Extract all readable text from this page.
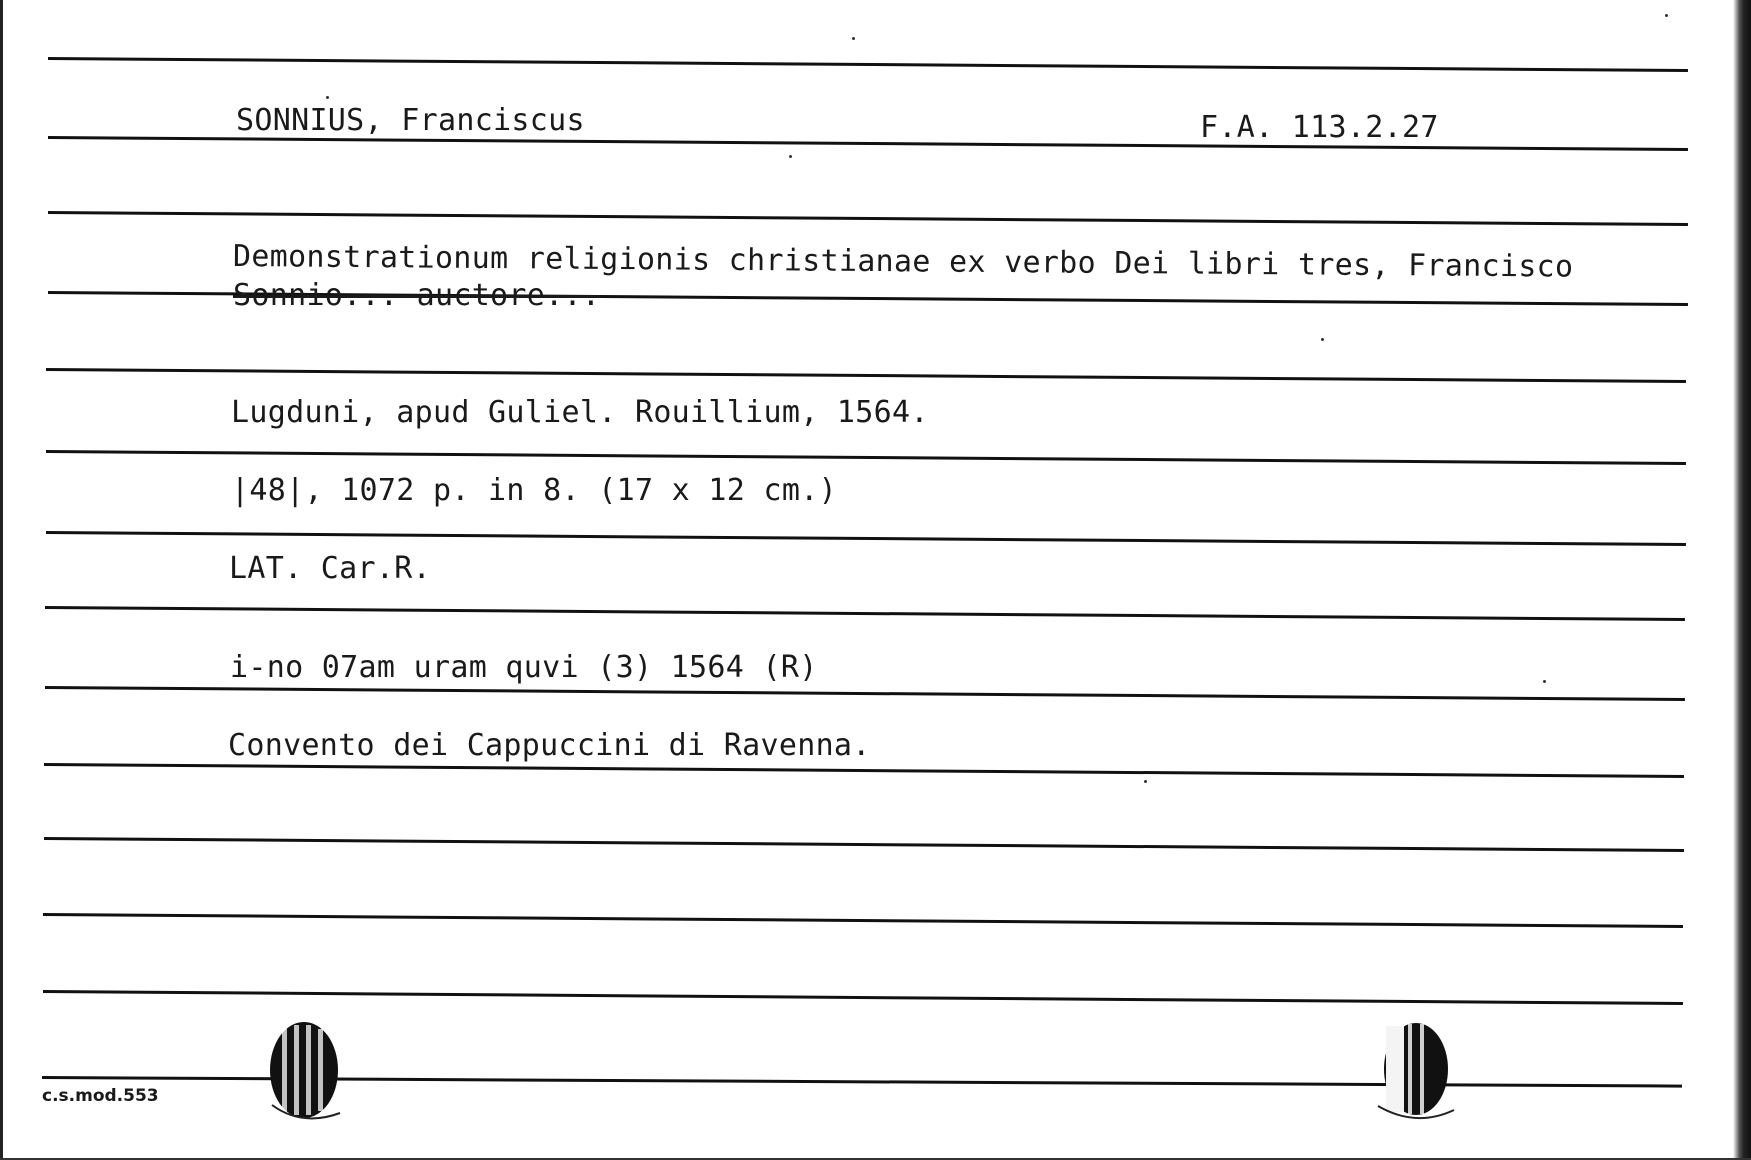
SONNIUS, Franciscus	F.A. 113.2.27
Demonstrationum religionis christianae ex verbo Dei libri tres, Francisco
Sonnio... auctore...
Lugduni, apud Guliel. Rouillium, 1564.
|48|, 1072 p. in 8. (17 x 12 cm.)
LAT. Car.R.
i-no 07am uram quvi (3) 1564 (R)
Convento dei Cappuccini di Ravenna.
c.s.mod.553
